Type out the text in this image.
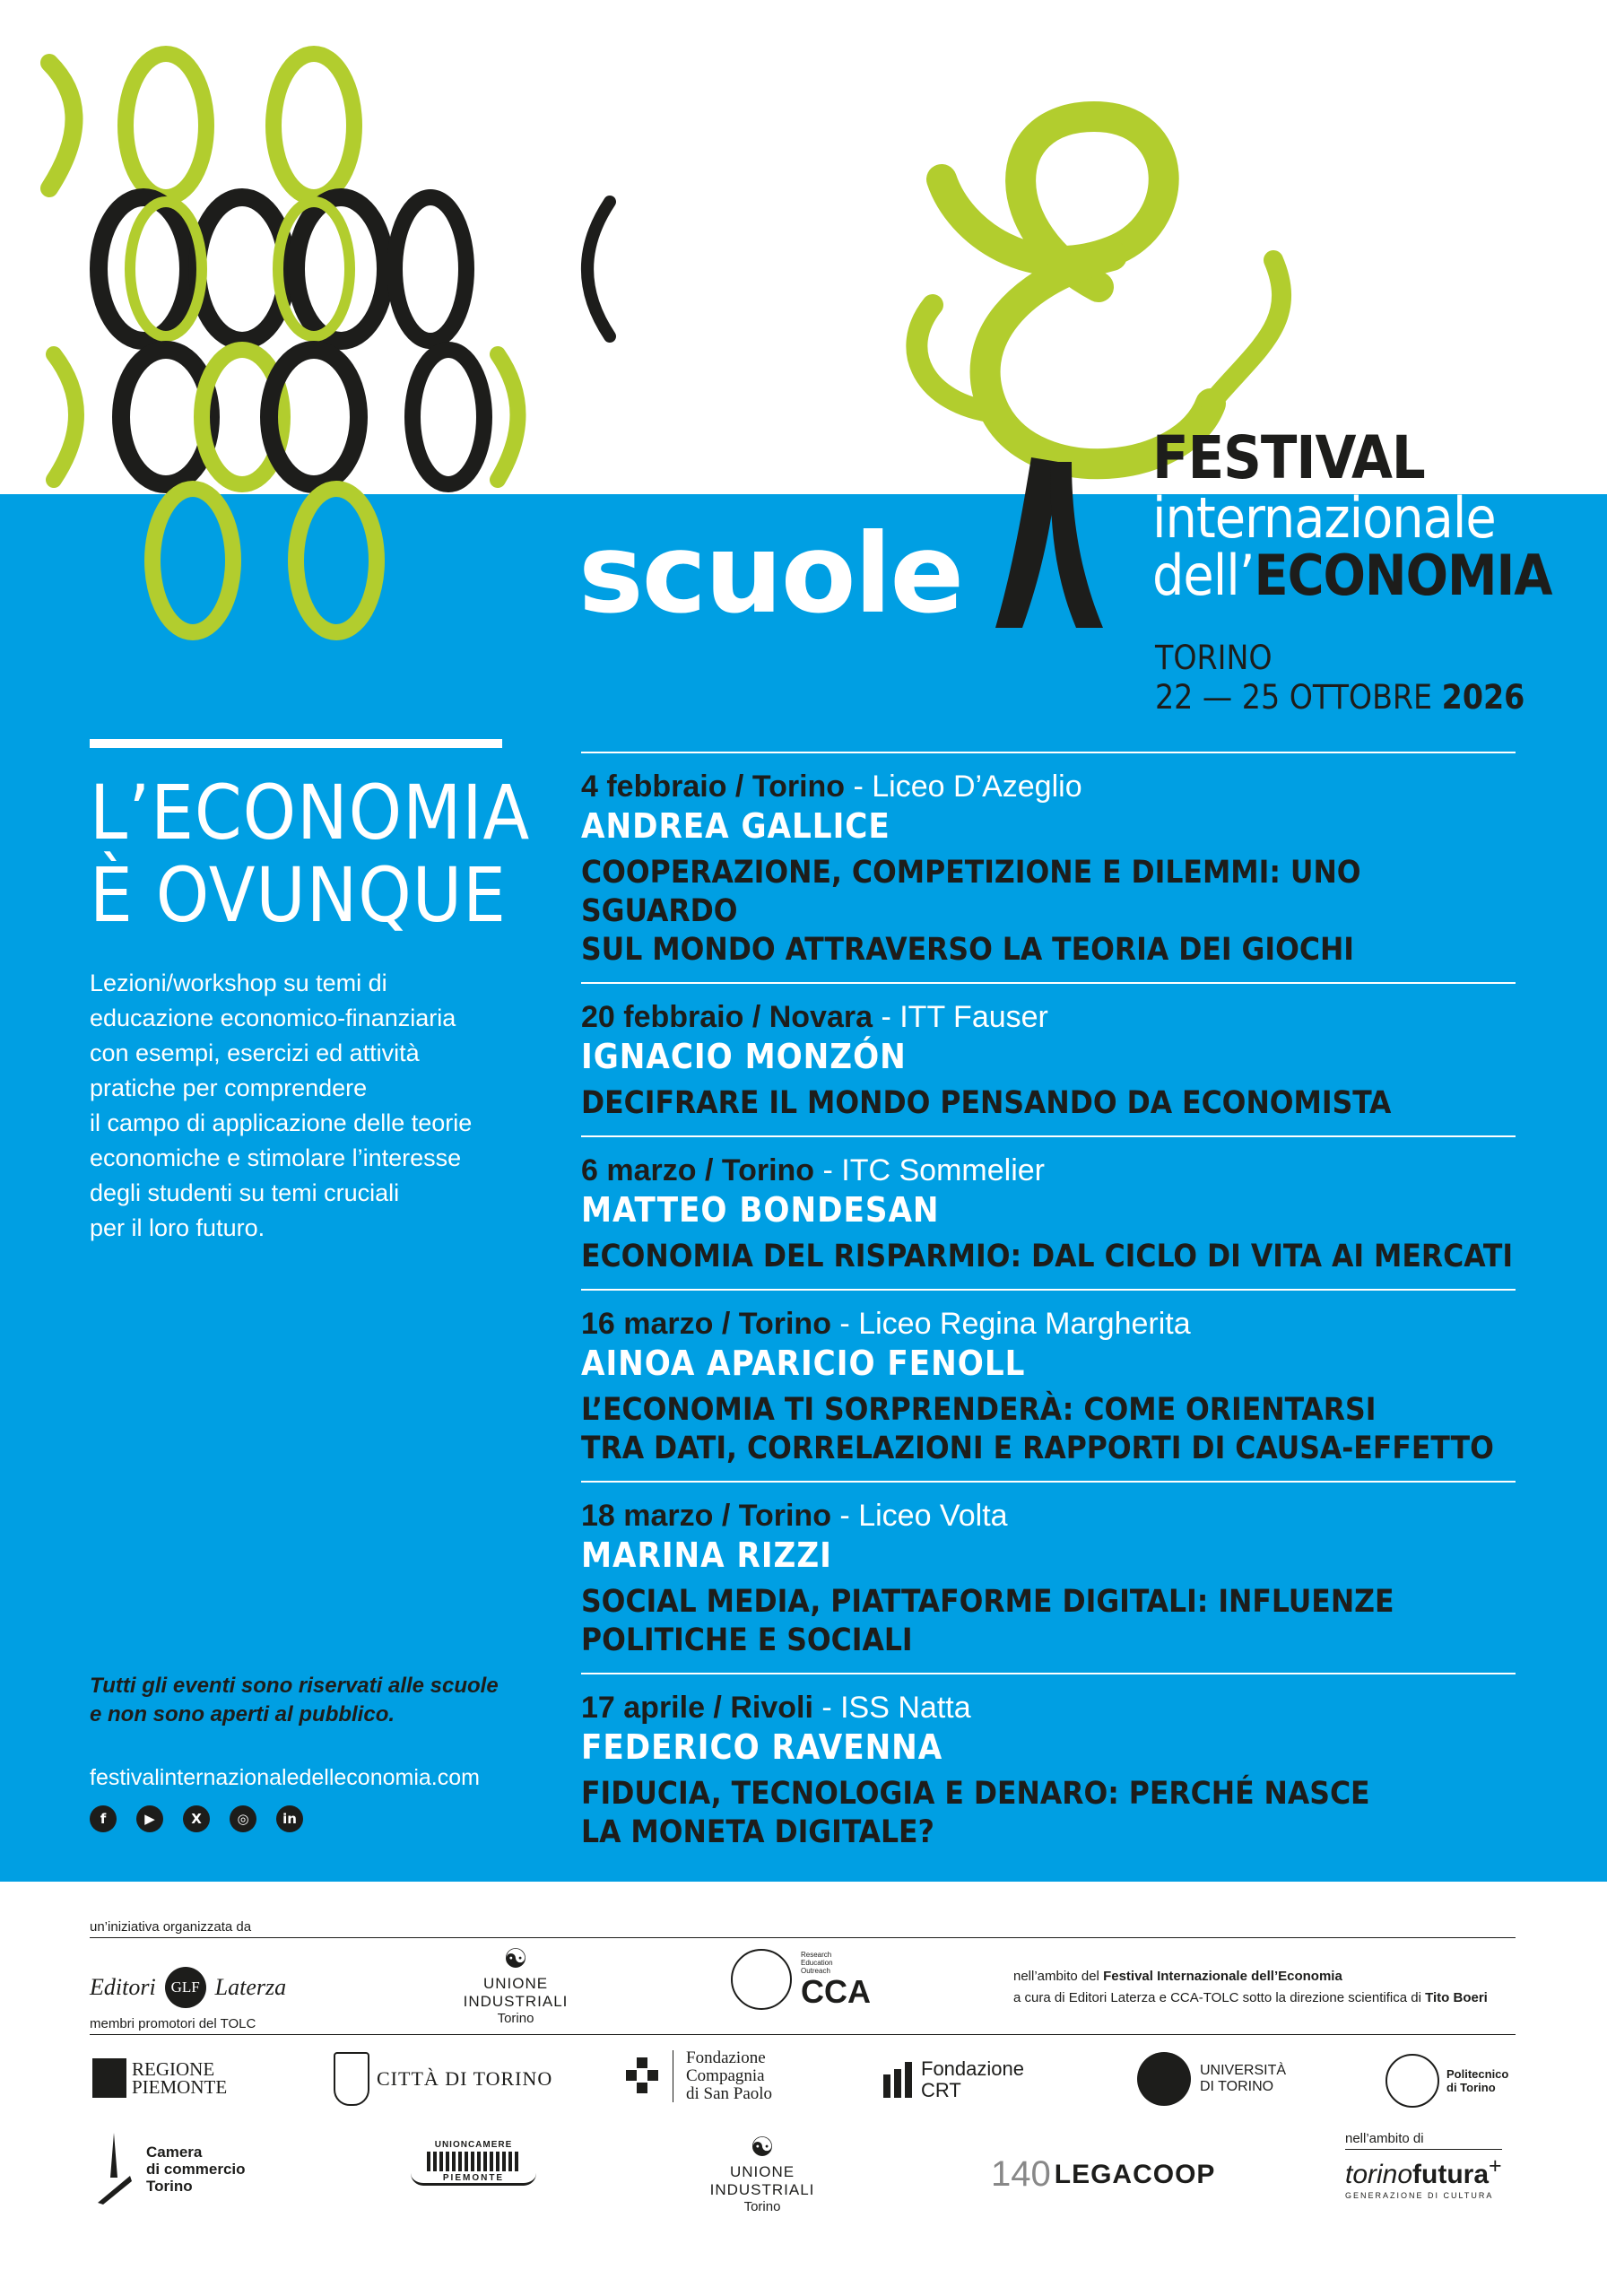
scuole
FESTIVAL
internazionale
dell’ECONOMIA
TORINO
22 — 25 OTTOBRE 2026
L’ECONOMIA
È OVUNQUE
Lezioni/workshop su temi di
educazione economico-finanziaria
con esempi, esercizi ed attività
pratiche per comprendere
il campo di applicazione delle teorie
economiche e stimolare l’interesse
degli studenti su temi cruciali
per il loro futuro.
Tutti gli eventi sono riservati alle scuole
e non sono aperti al pubblico.
festivalinternazionaledelleconomia.com
f	▶	X	◎	in
4 febbraio / Torino - Liceo D’Azeglio
ANDREA GALLICE
COOPERAZIONE, COMPETIZIONE E DILEMMI: UNO SGUARDO
SUL MONDO ATTRAVERSO LA TEORIA DEI GIOCHI
20 febbraio / Novara - ITT Fauser
IGNACIO MONZÓN
DECIFRARE IL MONDO PENSANDO DA ECONOMISTA
6 marzo / Torino - ITC Sommelier
MATTEO BONDESAN
ECONOMIA DEL RISPARMIO: DAL CICLO DI VITA AI MERCATI
16 marzo / Torino - Liceo Regina Margherita
AINOA APARICIO FENOLL
L’ECONOMIA TI SORPRENDERÀ: COME ORIENTARSI
TRA DATI, CORRELAZIONI E RAPPORTI DI CAUSA-EFFETTO
18 marzo / Torino - Liceo Volta
MARINA RIZZI
SOCIAL MEDIA, PIATTAFORME DIGITALI: INFLUENZE
POLITICHE E SOCIALI
17 aprile / Rivoli - ISS Natta
FEDERICO RAVENNA
FIDUCIA, TECNOLOGIA E DENARO: PERCHÉ NASCE
LA MONETA DIGITALE?
un’iniziativa organizzata da
Editori GLF Laterza
membri promotori del TOLC
☯
UNIONE INDUSTRIALI
Torino
Research Education Outreach
CCA	nell’ambito del Festival Internazionale dell’Economia
a cura di Editori Laterza e CCA-TOLC sotto la direzione scientifica di Tito Boeri
REGIONE
PIEMONTE	CITTÀ DI TORINO
Fondazione
Compagnia
di San Paolo
Fondazione
CRT
UNIVERSITÀ
DI TORINO
Politecnico
di Torino
Camera
di commercio
Torino
UNIONCAMERE
PIEMONTE
☯
UNIONE INDUSTRIALI
Torino
140 LEGACOOP
nell’ambito di
torinofutura+
GENERAZIONE DI CULTURA
